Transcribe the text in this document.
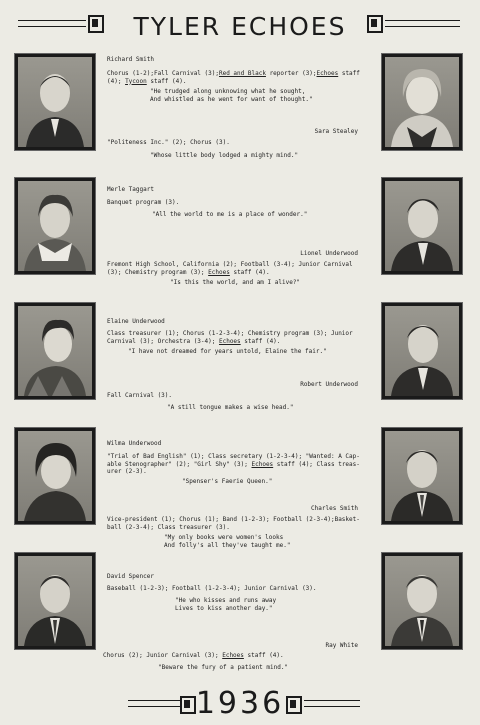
TYLER ECHOES
Richard Smith
Chorus (1-2);Fall Carnival (3);Red and Black reporter (3);Echoes staff (4); Tycoon staff (4).
"He trudged along unknowing what he sought,
And whistled as he went for want of thought."
Sara Stealey
"Politeness Inc." (2); Chorus (3).
"Whose little body lodged a mighty mind."
Merle Taggart
Banquet program (3).
"All the world to me is a place of wonder."
Lionel Underwood
Fremont High School, California (2); Football (3-4); Junior Carnival
(3); Chemistry program (3); Echoes staff (4).
"Is this the world, and am I alive?"
Elaine Underwood
Class treasurer (1); Chorus (1-2-3-4); Chemistry program (3); Junior
Carnival (3); Orchestra (3-4); Echoes staff (4).
"I have not dreamed for years untold, Elaine the fair."
Robert Underwood
Fall Carnival (3).
"A still tongue makes a wise head."
Wilma Underwood
"Trial of Bad English" (1); Class secretary (1-2-3-4); "Wanted: A Cap-
able Stenographer" (2); "Girl Shy" (3); Echoes staff (4); Class treas-
urer (2-3).
"Spenser's Faerie Queen."
Charles Smith
Vice-president (1); Chorus (1); Band (1-2-3); Football (2-3-4);Basket-
ball (2-3-4); Class treasurer (3).
"My only books were women's looks
And folly's all they've taught me."
David Spencer
Baseball (1-2-3); Football (1-2-3-4); Junior Carnival (3).
"He who kisses and runs away
Lives to kiss another day."
Ray White
Chorus (2); Junior Carnival (3); Echoes staff (4).
"Beware the fury of a patient mind."
1936
